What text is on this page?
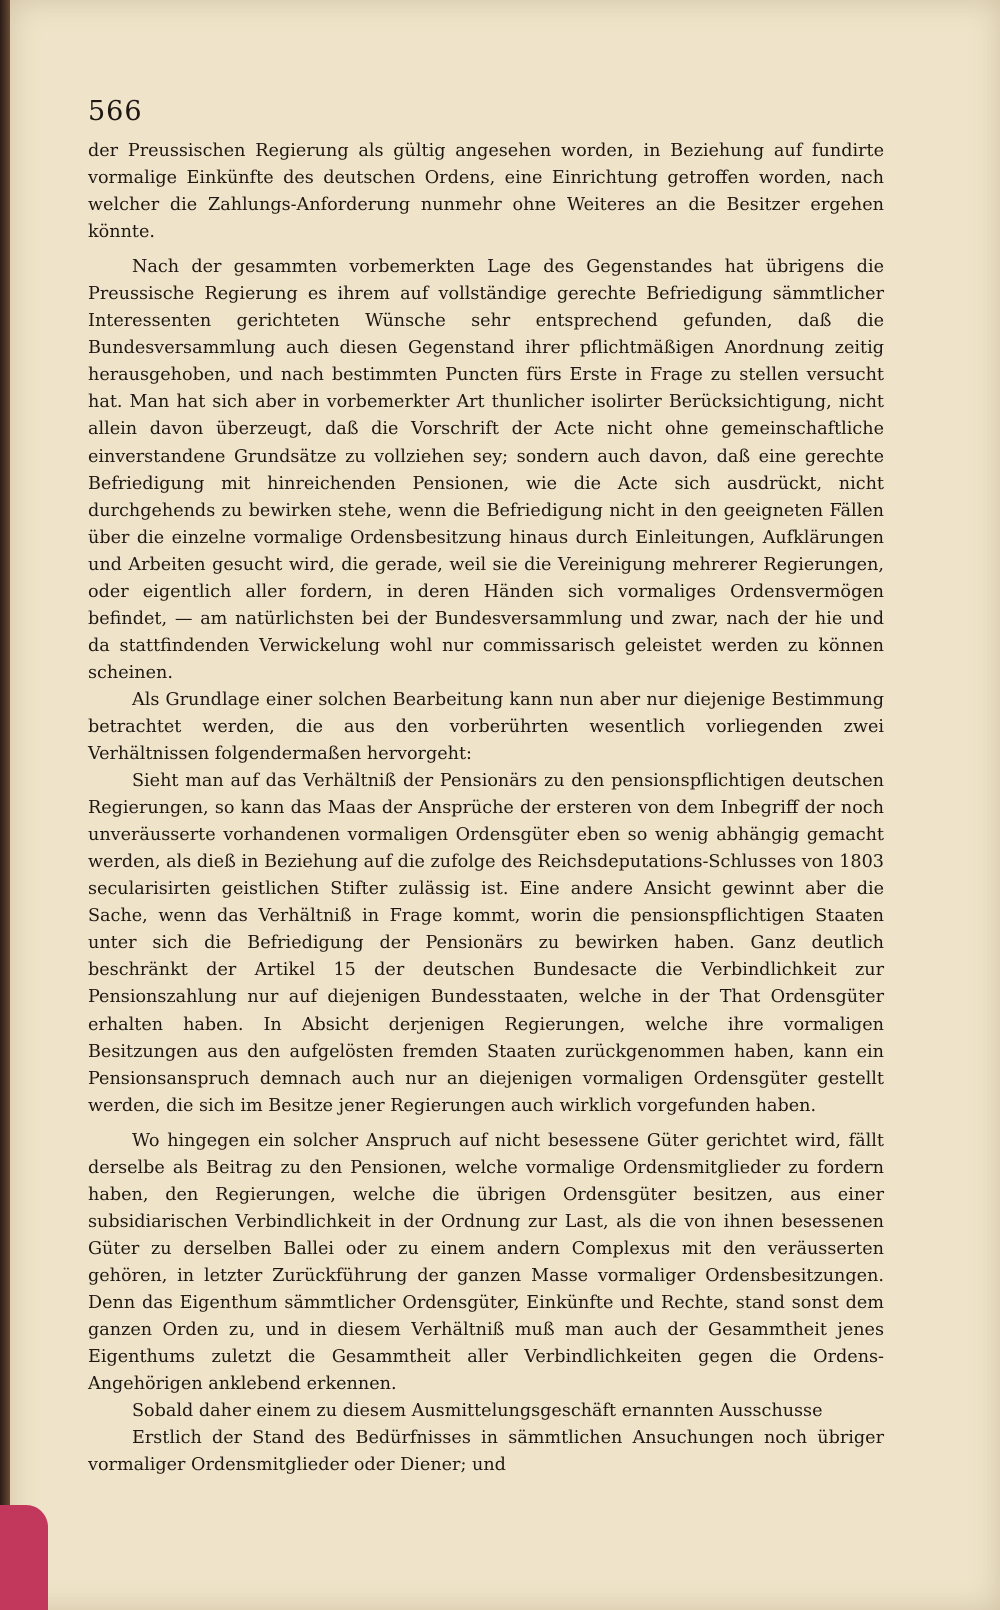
566

der Preussischen Regierung als gültig angesehen worden, in Beziehung auf fundirte vormalige Einkünfte des deutschen Ordens, eine Einrichtung getroffen worden, nach welcher die Zahlungs-Anforderung nunmehr ohne Weiteres an die Besitzer ergehen könnte.

Nach der gesammten vorbemerkten Lage des Gegenstandes hat übrigens die Preussische Regierung es ihrem auf vollständige gerechte Befriedigung sämmtlicher Interessenten gerichteten Wünsche sehr entsprechend gefunden, daß die Bundesversammlung auch diesen Gegenstand ihrer pflichtmäßigen Anordnung zeitig herausgehoben, und nach bestimmten Puncten fürs Erste in Frage zu stellen versucht hat. Man hat sich aber in vorbemerkter Art thunlicher isolirter Berücksichtigung, nicht allein davon überzeugt, daß die Vorschrift der Acte nicht ohne gemeinschaftliche einverstandene Grundsätze zu vollziehen sey; sondern auch davon, daß eine gerechte Befriedigung mit hinreichenden Pensionen, wie die Acte sich ausdrückt, nicht durchgehends zu bewirken stehe, wenn die Befriedigung nicht in den geeigneten Fällen über die einzelne vormalige Ordensbesitzung hinaus durch Einleitungen, Aufklärungen und Arbeiten gesucht wird, die gerade, weil sie die Vereinigung mehrerer Regierungen, oder eigentlich aller fordern, in deren Händen sich vormaliges Ordensvermögen befindet, — am natürlichsten bei der Bundesversammlung und zwar, nach der hie und da stattfindenden Verwickelung wohl nur commissarisch geleistet werden zu können scheinen.

Als Grundlage einer solchen Bearbeitung kann nun aber nur diejenige Bestimmung betrachtet werden, die aus den vorberührten wesentlich vorliegenden zwei Verhältnissen folgendermaßen hervorgeht:

Sieht man auf das Verhältniß der Pensionärs zu den pensionspflichtigen deutschen Regierungen, so kann das Maas der Ansprüche der ersteren von dem Inbegriff der noch unveräusserte vorhandenen vormaligen Ordensgüter eben so wenig abhängig gemacht werden, als dieß in Beziehung auf die zufolge des Reichsdeputations-Schlusses von 1803 secularisirten geistlichen Stifter zulässig ist. Eine andere Ansicht gewinnt aber die Sache, wenn das Verhältniß in Frage kommt, worin die pensionspflichtigen Staaten unter sich die Befriedigung der Pensionärs zu bewirken haben. Ganz deutlich beschränkt der Artikel 15 der deutschen Bundesacte die Verbindlichkeit zur Pensionszahlung nur auf diejenigen Bundesstaaten, welche in der That Ordensgüter erhalten haben. In Absicht derjenigen Regierungen, welche ihre vormaligen Besitzungen aus den aufgelösten fremden Staaten zurückgenommen haben, kann ein Pensionsanspruch demnach auch nur an diejenigen vormaligen Ordensgüter gestellt werden, die sich im Besitze jener Regierungen auch wirklich vorgefunden haben.

Wo hingegen ein solcher Anspruch auf nicht besessene Güter gerichtet wird, fällt derselbe als Beitrag zu den Pensionen, welche vormalige Ordensmitglieder zu fordern haben, den Regierungen, welche die übrigen Ordensgüter besitzen, aus einer subsidiarischen Verbindlichkeit in der Ordnung zur Last, als die von ihnen besessenen Güter zu derselben Ballei oder zu einem andern Complexus mit den veräusserten gehören, in letzter Zurückführung der ganzen Masse vormaliger Ordensbesitzungen. Denn das Eigenthum sämmtlicher Ordensgüter, Einkünfte und Rechte, stand sonst dem ganzen Orden zu, und in diesem Verhältniß muß man auch der Gesammtheit jenes Eigenthums zuletzt die Gesammtheit aller Verbindlichkeiten gegen die Ordens-Angehörigen anklebend erkennen.

Sobald daher einem zu diesem Ausmittelungsgeschäft ernannten Ausschusse

Erstlich der Stand des Bedürfnisses in sämmtlichen Ansuchungen noch übriger vormaliger Ordensmitglieder oder Diener; und
